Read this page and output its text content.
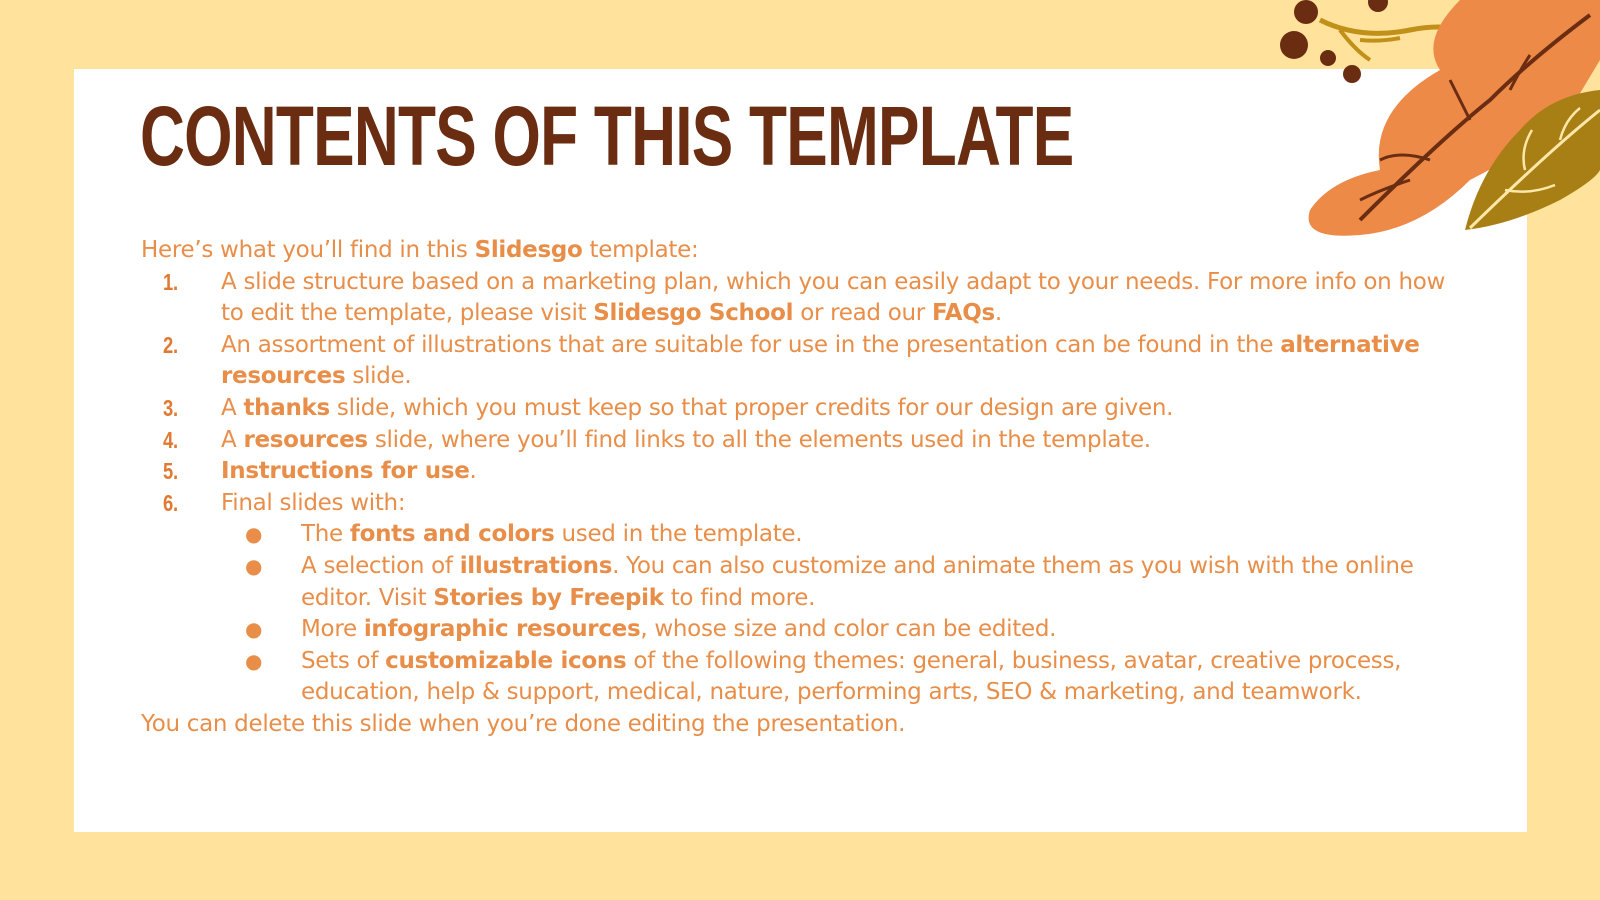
CONTENTS OF THIS TEMPLATE

Here’s what you’ll find in this Slidesgo template:

1. A slide structure based on a marketing plan, which you can easily adapt to your needs. For more info on how to edit the template, please visit Slidesgo School or read our FAQs.
2. An assortment of illustrations that are suitable for use in the presentation can be found in the alternative resources slide.
3. A thanks slide, which you must keep so that proper credits for our design are given.
4. A resources slide, where you’ll find links to all the elements used in the template.
5. Instructions for use.
6. Final slides with:
● The fonts and colors used in the template.
● A selection of illustrations. You can also customize and animate them as you wish with the online editor. Visit Stories by Freepik to find more.
● More infographic resources, whose size and color can be edited.
● Sets of customizable icons of the following themes: general, business, avatar, creative process, education, help & support, medical, nature, performing arts, SEO & marketing, and teamwork.

You can delete this slide when you’re done editing the presentation.
